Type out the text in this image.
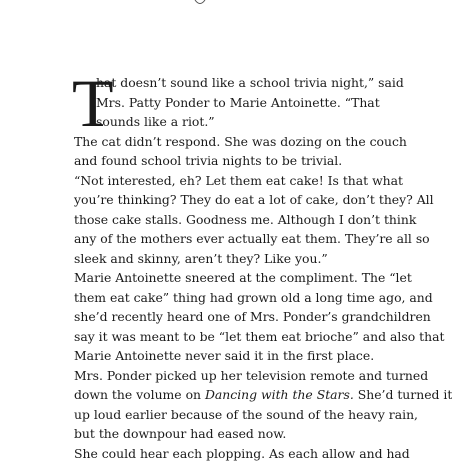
T
hat doesn’t sound like a school trivia night,” said
Mrs. Patty Ponder to Marie Antoinette. “That
sounds like a riot.”
The cat didn’t respond. She was dozing on the couch
and found school trivia nights to be trivial.
“Not interested, eh? Let them eat cake! Is that what
you’re thinking? They do eat a lot of cake, don’t they? All
those cake stalls. Goodness me. Although I don’t think
any of the mothers ever actually eat them. They’re all so
sleek and skinny, aren’t they? Like you.”
Marie Antoinette sneered at the compliment. The “let
them eat cake” thing had grown old a long time ago, and
she’d recently heard one of Mrs. Ponder’s grandchildren
say it was meant to be “let them eat brioche” and also that
Marie Antoinette never said it in the first place.
Mrs. Ponder picked up her television remote and turned
down the volume on Dancing with the Stars. She’d turned it
up loud earlier because of the sound of the heavy rain,
but the downpour had eased now.
She could hear each plopping. As each allow and had
